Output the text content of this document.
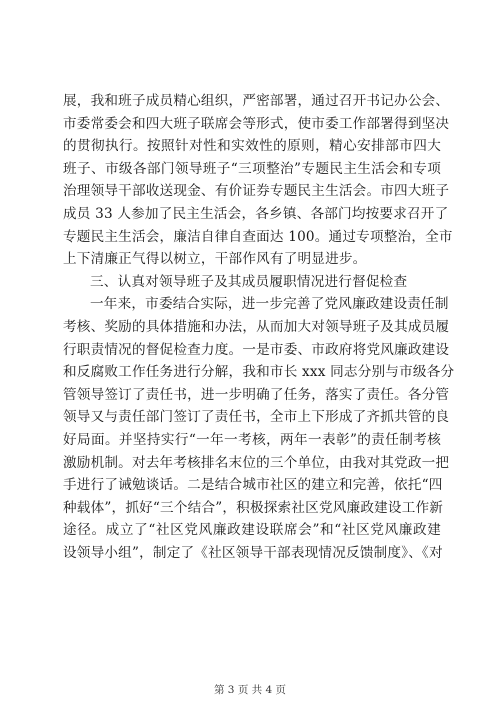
展，我和班子成员精心组织，严密部署，通过召开书记办公会、
市委常委会和四大班子联席会等形式，使市委工作部署得到坚决
的贯彻执行。按照针对性和实效性的原则，精心安排部市四大
班子、市级各部门领导班子“三项整治”专题民主生活会和专项
治理领导干部收送现金、有价证券专题民主生活会。市四大班子
成员 33 人参加了民主生活会，各乡镇、各部门均按要求召开了
专题民主生活会，廉洁自律自查面达 100。通过专项整治，全市
上下清廉正气得以树立，干部作风有了明显进步。
三、认真对领导班子及其成员履职情况进行督促检查
一年来，市委结合实际，进一步完善了党风廉政建设责任制
考核、奖励的具体措施和办法，从而加大对领导班子及其成员履
行职责情况的督促检查力度。一是市委、市政府将党风廉政建设
和反腐败工作任务进行分解，我和市长 xxx 同志分别与市级各分
管领导签订了责任书，进一步明确了任务，落实了责任。各分管
领导又与责任部门签订了责任书，全市上下形成了齐抓共管的良
好局面。并坚持实行“一年一考核，两年一表彰”的责任制考核
激励机制。对去年考核排名末位的三个单位，由我对其党政一把
手进行了诫勉谈话。二是结合城市社区的建立和完善，依托“四
种载体”，抓好“三个结合”，积极探索社区党风廉政建设工作新
途径。成立了“社区党风廉政建设联席会”和“社区党风廉政建
设领导小组”，制定了《社区领导干部表现情况反馈制度》、《对
第 3 页 共 4 页
